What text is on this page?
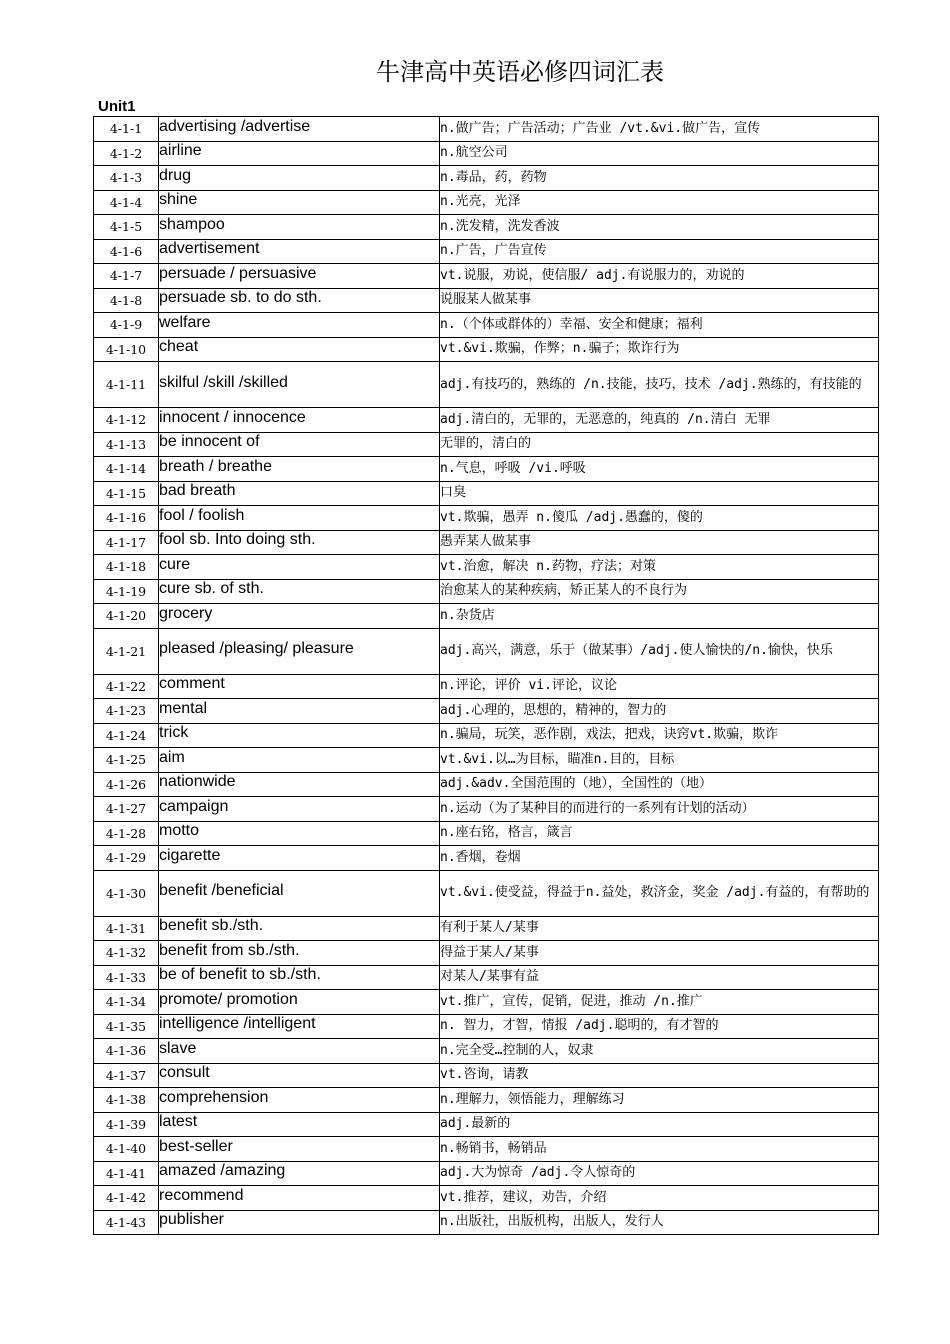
牛津高中英语必修四词汇表
Unit1
4-1-1	advertising /advertise	n.做广告；广告活动；广告业 /vt.&vi.做广告，宣传
4-1-2	airline	n.航空公司
4-1-3	drug	n.毒品，药，药物
4-1-4	shine	n.光亮，光泽
4-1-5	shampoo	n.洗发精，洗发香波
4-1-6	advertisement	n.广告，广告宣传
4-1-7	persuade / persuasive	vt.说服，劝说，使信服/ adj.有说服力的，劝说的
4-1-8	persuade sb. to do sth.	说服某人做某事
4-1-9	welfare	n.（个体或群体的）幸福、安全和健康；福利
4-1-10	cheat	vt.&vi.欺骗，作弊；n.骗子；欺诈行为
4-1-11	skilful /skill /skilled	adj.有技巧的，熟练的 /n.技能，技巧，技术 /adj.熟练的，有技能的
4-1-12	innocent / innocence	adj.清白的，无罪的，无恶意的，纯真的 /n.清白 无罪
4-1-13	be innocent of	无罪的，清白的
4-1-14	breath / breathe	n.气息，呼吸 /vi.呼吸
4-1-15	bad breath	口臭
4-1-16	fool / foolish	vt.欺骗，愚弄 n.傻瓜 /adj.愚蠢的，傻的
4-1-17	fool sb. Into doing sth.	愚弄某人做某事
4-1-18	cure	vt.治愈，解决 n.药物，疗法；对策
4-1-19	cure sb. of sth.	治愈某人的某种疾病，矫正某人的不良行为
4-1-20	grocery	n.杂货店
4-1-21	pleased /pleasing/ pleasure	adj.高兴，满意，乐于（做某事）/adj.使人愉快的/n.愉快，快乐
4-1-22	comment	n.评论，评价 vi.评论，议论
4-1-23	mental	adj.心理的，思想的，精神的，智力的
4-1-24	trick	n.骗局，玩笑，恶作剧，戏法，把戏，诀窍vt.欺骗，欺诈
4-1-25	aim	vt.&vi.以…为目标，瞄准n.目的，目标
4-1-26	nationwide	adj.&adv.全国范围的（地），全国性的（地）
4-1-27	campaign	n.运动（为了某种目的而进行的一系列有计划的活动）
4-1-28	motto	n.座右铭，格言，箴言
4-1-29	cigarette	n.香烟，卷烟
4-1-30	benefit /beneficial	vt.&vi.使受益，得益于n.益处，救济金，奖金 /adj.有益的，有帮助的
4-1-31	benefit sb./sth.	有利于某人/某事
4-1-32	benefit from sb./sth.	得益于某人/某事
4-1-33	be of benefit to sb./sth.	对某人/某事有益
4-1-34	promote/ promotion	vt.推广，宣传，促销，促进，推动 /n.推广
4-1-35	intelligence /intelligent	n. 智力，才智，情报 /adj.聪明的，有才智的
4-1-36	slave	n.完全受…控制的人，奴隶
4-1-37	consult	vt.咨询，请教
4-1-38	comprehension	n.理解力，领悟能力，理解练习
4-1-39	latest	adj.最新的
4-1-40	best-seller	n.畅销书，畅销品
4-1-41	amazed /amazing	adj.大为惊奇 /adj.令人惊奇的
4-1-42	recommend	vt.推荐，建议，劝告，介绍
4-1-43	publisher	n.出版社，出版机构，出版人，发行人
